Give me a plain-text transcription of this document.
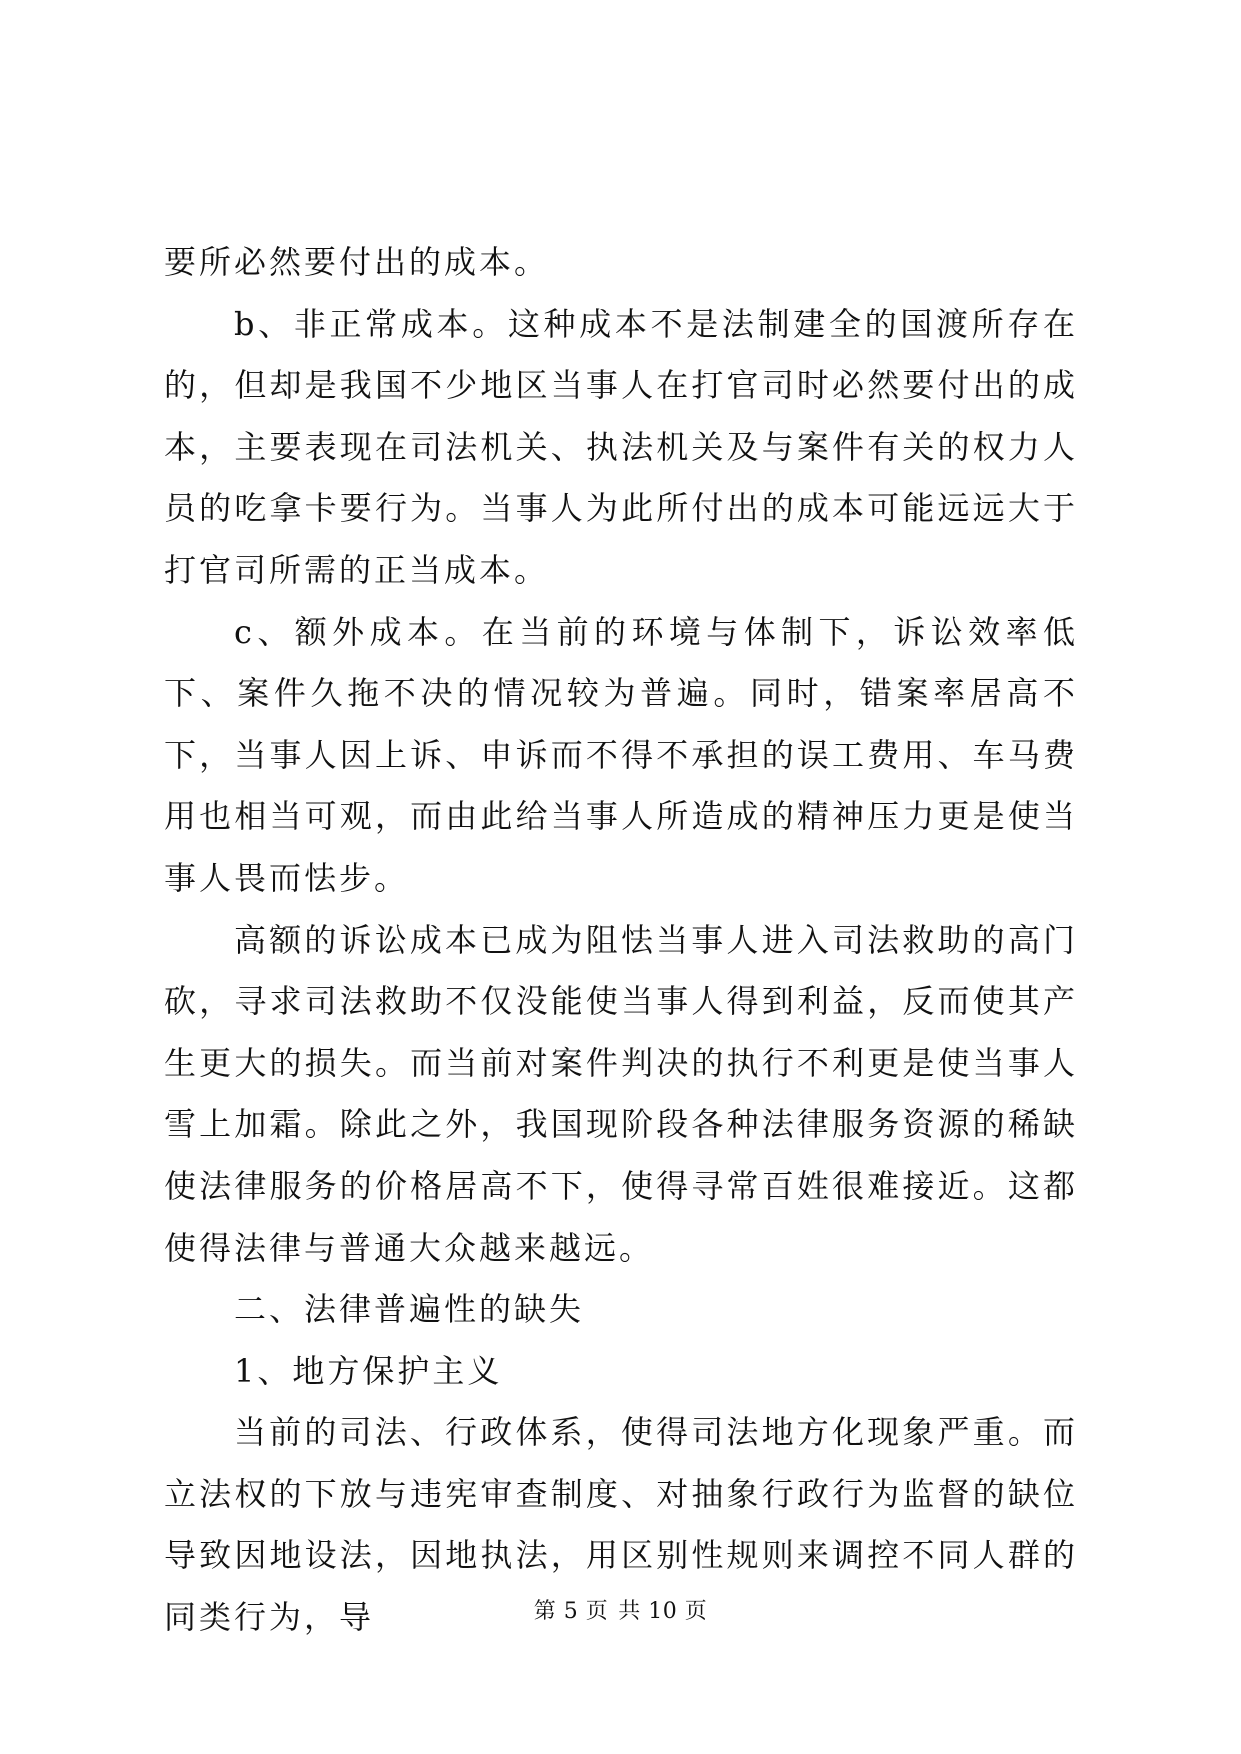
要所必然要付出的成本。

b、非正常成本。这种成本不是法制建全的国渡所存在的，但却是我国不少地区当事人在打官司时必然要付出的成本，主要表现在司法机关、执法机关及与案件有关的权力人员的吃拿卡要行为。当事人为此所付出的成本可能远远大于打官司所需的正当成本。

c、额外成本。在当前的环境与体制下，诉讼效率低下、案件久拖不决的情况较为普遍。同时，错案率居高不下，当事人因上诉、申诉而不得不承担的误工费用、车马费用也相当可观，而由此给当事人所造成的精神压力更是使当事人畏而怯步。

高额的诉讼成本已成为阻怯当事人进入司法救助的高门砍，寻求司法救助不仅没能使当事人得到利益，反而使其产生更大的损失。而当前对案件判决的执行不利更是使当事人雪上加霜。除此之外，我国现阶段各种法律服务资源的稀缺使法律服务的价格居高不下，使得寻常百姓很难接近。这都使得法律与普通大众越来越远。

二、法律普遍性的缺失

1、地方保护主义

当前的司法、行政体系，使得司法地方化现象严重。而立法权的下放与违宪审查制度、对抽象行政行为监督的缺位导致因地设法，因地执法，用区别性规则来调控不同人群的同类行为，导	第 5 页 共 10 页
